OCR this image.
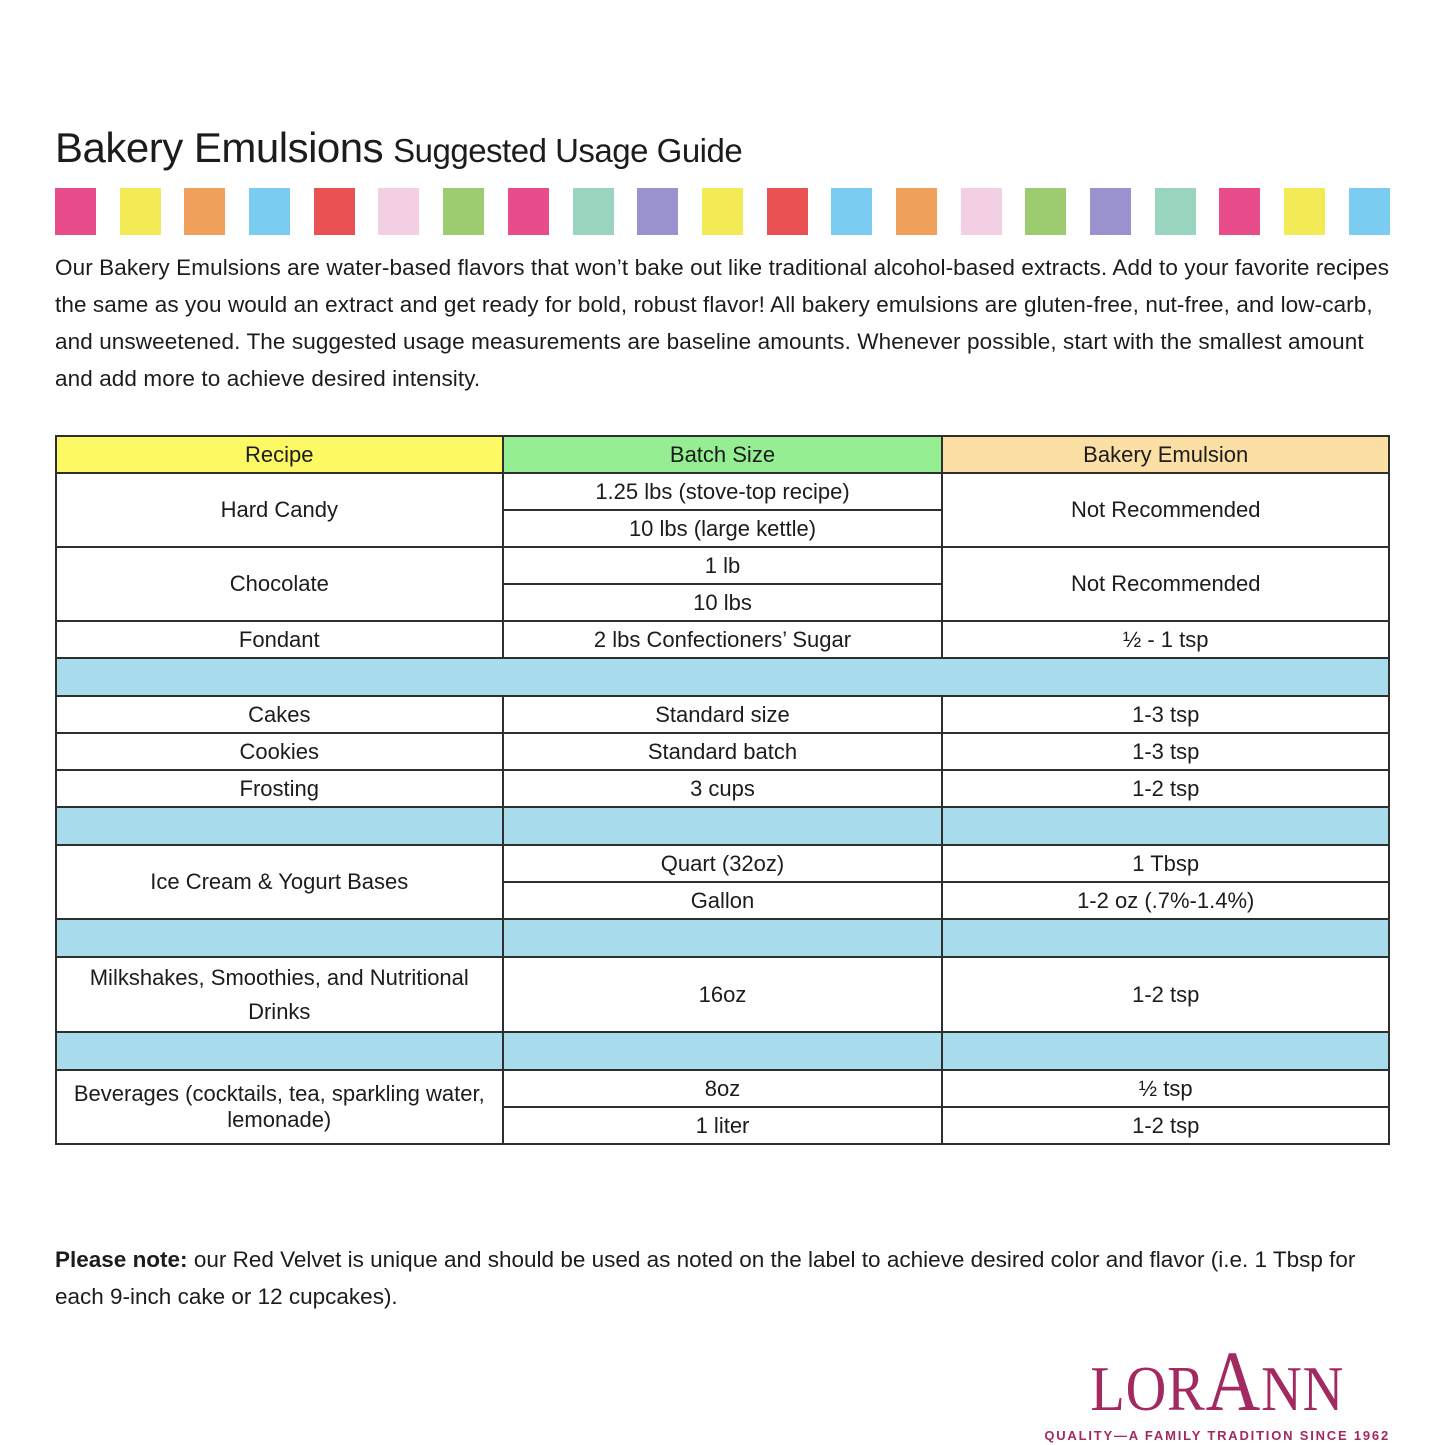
Bakery Emulsions Suggested Usage Guide

Our Bakery Emulsions are water-based flavors that won’t bake out like traditional alcohol-based extracts. Add to your favorite recipes the same as you would an extract and get ready for bold, robust flavor! All bakery emulsions are gluten-free, nut-free, and low-carb, and unsweetened. The suggested usage measurements are baseline amounts. Whenever possible, start with the smallest amount and add more to achieve desired intensity.

Recipe	Batch Size	Bakery Emulsion
Hard Candy	1.25 lbs (stove-top recipe)	Not Recommended
	10 lbs (large kettle)	
Chocolate	1 lb	Not Recommended
	10 lbs	
Fondant	2 lbs Confectioners’ Sugar	½ - 1 tsp

Cakes	Standard size	1-3 tsp
Cookies	Standard batch	1-3 tsp
Frosting	3 cups	1-2 tsp

Ice Cream & Yogurt Bases	Quart (32oz)	1 Tbsp
	Gallon	1-2 oz (.7%-1.4%)

Milkshakes, Smoothies, and Nutritional Drinks	16oz	1-2 tsp

Beverages (cocktails, tea, sparkling water, lemonade)	8oz	½ tsp
	1 liter	1-2 tsp

Please note: our Red Velvet is unique and should be used as noted on the label to achieve desired color and flavor (i.e. 1 Tbsp for each 9-inch cake or 12 cupcakes).

LOR A NN
QUALITY—A FAMILY TRADITION SINCE 1962
